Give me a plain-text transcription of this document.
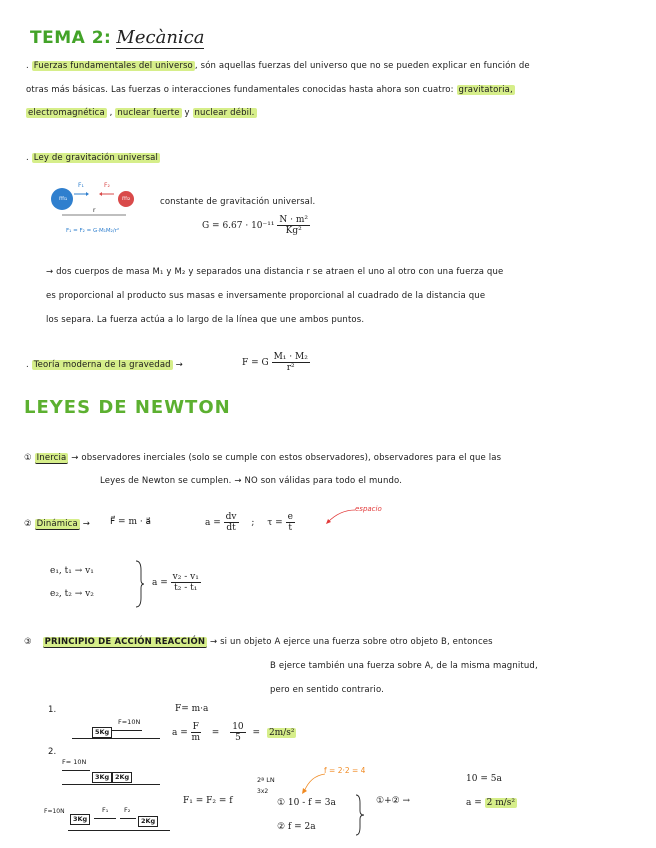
TEMA 2: Mecànica
. Fuerzas fundamentales del universo , són aquellas fuerzas del universo que no se pueden explicar en función de
otras más básicas. Las fuerzas o interacciones fundamentales conocidas hasta ahora son cuatro: gravitatoria,
electromagnética , nuclear fuerte y nuclear débil.
. Ley de gravitación universal
m₁	m₂
F₁	F₂
r
F₁ = F₂ = G·M₁M₂/r²
constante de gravitación universal.
$G = 6.67 \cdot 10^{-11} \frac{\text{N · m²}}{\text{Kg²}}$
→ dos cuerpos de masa M₁ y M₂ y separados una distancia r se atraen el uno al otro con una fuerza que
es proporcional al producto sus masas e inversamente proporcional al cuadrado de la distancia que
los separa. La fuerza actúa a lo largo de la línea que une ambos puntos.
. Teoría moderna de la gravedad →	F = G $\frac{\text{M₁ · M₂}}{\text{r²}}$
LEYES DE NEWTON
① Inercia → observadores inerciales (solo se cumple con estos observadores), observadores para el que las
Leyes de Newton se cumplen. → NO son válidas para todo el mundo.
② Dinámica → F⃗ = m · a⃗	$a = \frac{dv}{dt}$ ; $\tau = \frac{e}{t}$
espacio
e₁, t₁ → v₁
e₂, t₂ → v₂
$a = \frac{\text{v₂ - v₁}}{\text{t₂ - t₁}}$
③ PRINCIPIO DE ACCIÓN REACCIÓN → si un objeto A ejerce una fuerza sobre otro objeto B, entonces
B ejerce también una fuerza sobre A, de la misma magnitud,
pero en sentido contrario.
1.
5Kg
F=10N
F= m·a
$a = \frac{F}{m} = \frac{10}{5} = 2m/s^2$
2.
F= 10N
3Kg 2Kg
F=10N
3Kg
F₁ F₂
2Kg
F₁ = F₂ = f
2ª LN
3x2
f = 2·2 = 4
① 10 - f = 3a
② f = 2a
①+② →
10 = 5a
a = 2 m/s²
